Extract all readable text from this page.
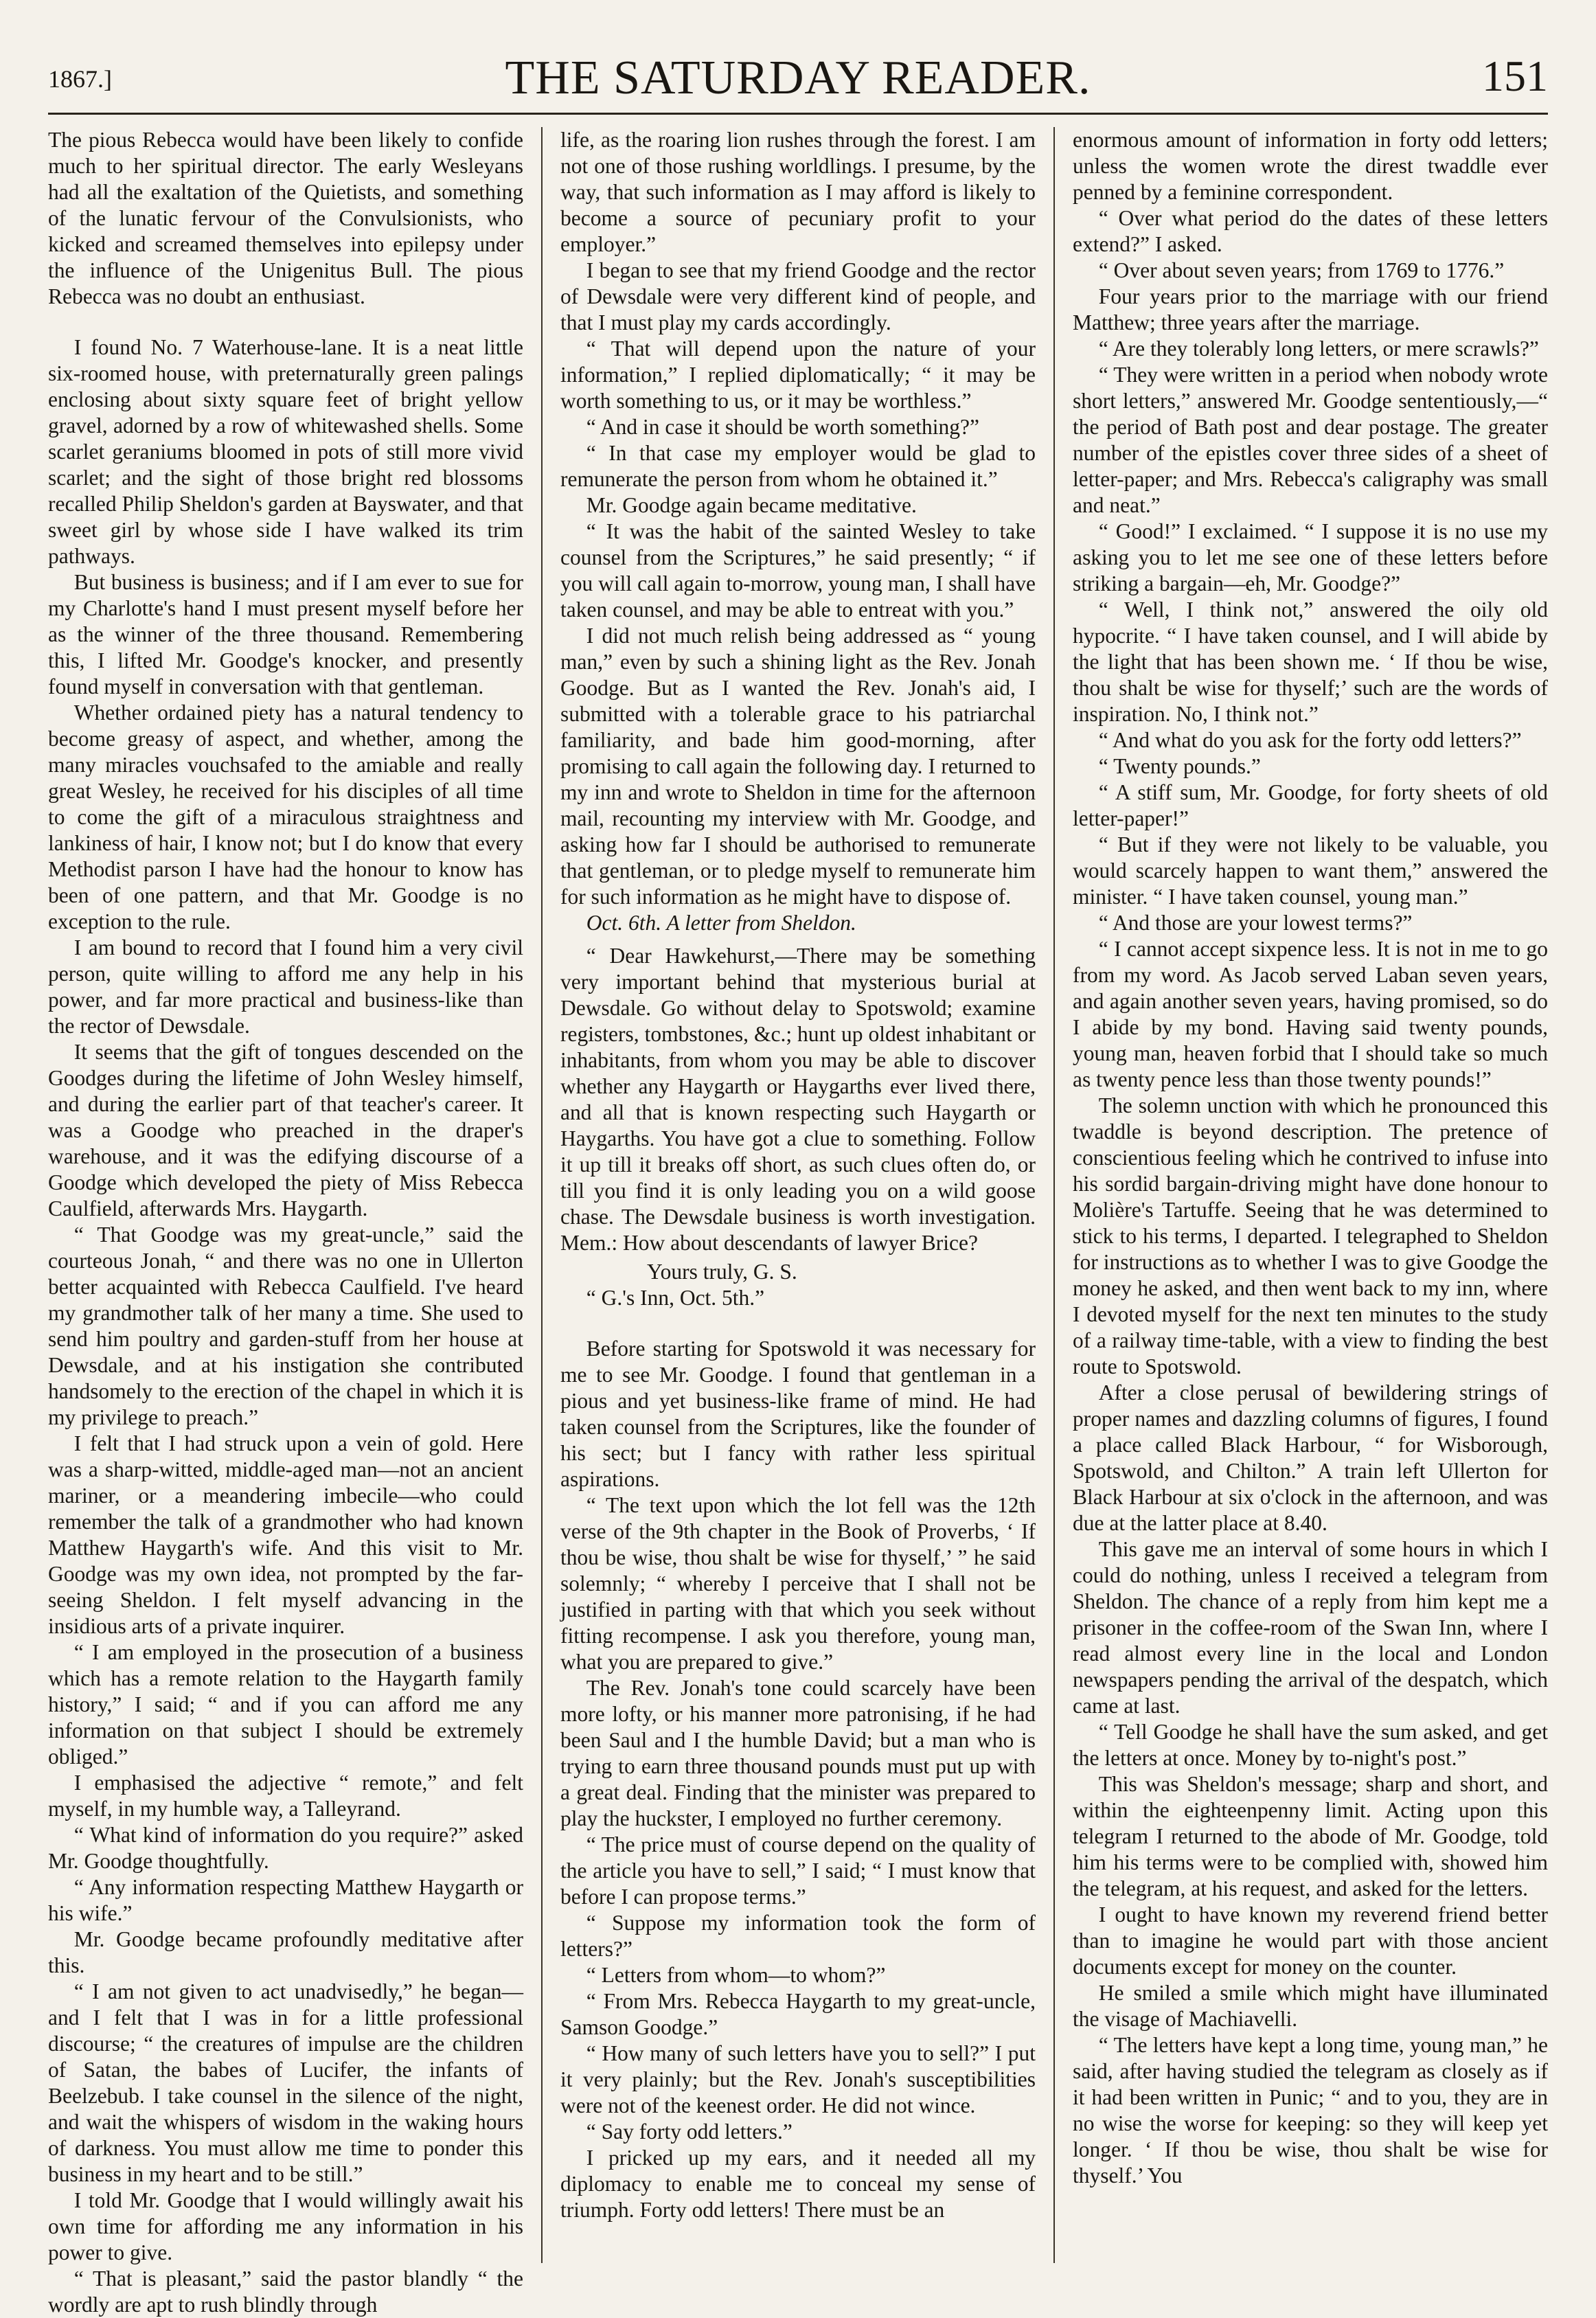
1867.]	THE SATURDAY READER.	151

The pious Rebecca would have been likely to confide much to her spiritual director. The early Wesleyans had all the exaltation of the Quietists, and something of the lunatic fervour of the Convulsionists, who kicked and screamed themselves into epilepsy under the influence of the Unigenitus Bull. The pious Rebecca was no doubt an enthusiast.

I found No. 7 Waterhouse-lane. It is a neat little six-roomed house, with preternaturally green palings enclosing about sixty square feet of bright yellow gravel, adorned by a row of whitewashed shells. Some scarlet geraniums bloomed in pots of still more vivid scarlet; and the sight of those bright red blossoms recalled Philip Sheldon's garden at Bayswater, and that sweet girl by whose side I have walked its trim pathways.

But business is business; and if I am ever to sue for my Charlotte's hand I must present myself before her as the winner of the three thousand. Remembering this, I lifted Mr. Goodge's knocker, and presently found myself in conversation with that gentleman.

Whether ordained piety has a natural tendency to become greasy of aspect, and whether, among the many miracles vouchsafed to the amiable and really great Wesley, he received for his disciples of all time to come the gift of a miraculous straightness and lankiness of hair, I know not; but I do know that every Methodist parson I have had the honour to know has been of one pattern, and that Mr. Goodge is no exception to the rule.

I am bound to record that I found him a very civil person, quite willing to afford me any help in his power, and far more practical and business-like than the rector of Dewsdale.

It seems that the gift of tongues descended on the Goodges during the lifetime of John Wesley himself, and during the earlier part of that teacher's career. It was a Goodge who preached in the draper's warehouse, and it was the edifying discourse of a Goodge which developed the piety of Miss Rebecca Caulfield, afterwards Mrs. Haygarth.

“ That Goodge was my great-uncle,” said the courteous Jonah, “ and there was no one in Ullerton better acquainted with Rebecca Caulfield. I've heard my grandmother talk of her many a time. She used to send him poultry and garden-stuff from her house at Dewsdale, and at his instigation she contributed handsomely to the erection of the chapel in which it is my privilege to preach.”

I felt that I had struck upon a vein of gold. Here was a sharp-witted, middle-aged man—not an ancient mariner, or a meandering imbecile—who could remember the talk of a grandmother who had known Matthew Haygarth's wife. And this visit to Mr. Goodge was my own idea, not prompted by the far-seeing Sheldon. I felt myself advancing in the insidious arts of a private inquirer.

“ I am employed in the prosecution of a business which has a remote relation to the Haygarth family history,” I said; “ and if you can afford me any information on that subject I should be extremely obliged.”

I emphasised the adjective “ remote,” and felt myself, in my humble way, a Talleyrand.

“ What kind of information do you require?” asked Mr. Goodge thoughtfully.

“ Any information respecting Matthew Haygarth or his wife.”

Mr. Goodge became profoundly meditative after this.

“ I am not given to act unadvisedly,” he began—and I felt that I was in for a little professional discourse; “ the creatures of impulse are the children of Satan, the babes of Lucifer, the infants of Beelzebub. I take counsel in the silence of the night, and wait the whispers of wisdom in the waking hours of darkness. You must allow me time to ponder this business in my heart and to be still.”

I told Mr. Goodge that I would willingly await his own time for affording me any information in his power to give.

“ That is pleasant,” said the pastor blandly “ the wordly are apt to rush blindly through

life, as the roaring lion rushes through the forest. I am not one of those rushing worldlings. I presume, by the way, that such information as I may afford is likely to become a source of pecuniary profit to your employer.”

I began to see that my friend Goodge and the rector of Dewsdale were very different kind of people, and that I must play my cards accordingly.

“ That will depend upon the nature of your information,” I replied diplomatically; “ it may be worth something to us, or it may be worthless.”

“ And in case it should be worth something?”

“ In that case my employer would be glad to remunerate the person from whom he obtained it.”

Mr. Goodge again became meditative.

“ It was the habit of the sainted Wesley to take counsel from the Scriptures,” he said presently; “ if you will call again to-morrow, young man, I shall have taken counsel, and may be able to entreat with you.”

I did not much relish being addressed as “ young man,” even by such a shining light as the Rev. Jonah Goodge. But as I wanted the Rev. Jonah's aid, I submitted with a tolerable grace to his patriarchal familiarity, and bade him good-morning, after promising to call again the following day. I returned to my inn and wrote to Sheldon in time for the afternoon mail, recounting my interview with Mr. Goodge, and asking how far I should be authorised to remunerate that gentleman, or to pledge myself to remunerate him for such information as he might have to dispose of.

Oct. 6th. A letter from Sheldon.

“ Dear Hawkehurst,—There may be something very important behind that mysterious burial at Dewsdale. Go without delay to Spotswold; examine registers, tombstones, &c.; hunt up oldest inhabitant or inhabitants, from whom you may be able to discover whether any Haygarth or Haygarths ever lived there, and all that is known respecting such Haygarth or Haygarths. You have got a clue to something. Follow it up till it breaks off short, as such clues often do, or till you find it is only leading you on a wild goose chase. The Dewsdale business is worth investigation. Mem.: How about descendants of lawyer Brice?

Yours truly, G. S.

“ G.'s Inn, Oct. 5th.”

Before starting for Spotswold it was necessary for me to see Mr. Goodge. I found that gentleman in a pious and yet business-like frame of mind. He had taken counsel from the Scriptures, like the founder of his sect; but I fancy with rather less spiritual aspirations.

“ The text upon which the lot fell was the 12th verse of the 9th chapter in the Book of Proverbs, ‘ If thou be wise, thou shalt be wise for thyself,’ ” he said solemnly; “ whereby I perceive that I shall not be justified in parting with that which you seek without fitting recompense. I ask you therefore, young man, what you are prepared to give.”

The Rev. Jonah's tone could scarcely have been more lofty, or his manner more patronising, if he had been Saul and I the humble David; but a man who is trying to earn three thousand pounds must put up with a great deal. Finding that the minister was prepared to play the huckster, I employed no further ceremony.

“ The price must of course depend on the quality of the article you have to sell,” I said; “ I must know that before I can propose terms.”

“ Suppose my information took the form of letters?”

“ Letters from whom—to whom?”

“ From Mrs. Rebecca Haygarth to my great-uncle, Samson Goodge.”

“ How many of such letters have you to sell?” I put it very plainly; but the Rev. Jonah's susceptibilities were not of the keenest order. He did not wince.

“ Say forty odd letters.”

I pricked up my ears, and it needed all my diplomacy to enable me to conceal my sense of triumph. Forty odd letters! There must be an

enormous amount of information in forty odd letters; unless the women wrote the direst twaddle ever penned by a feminine correspondent.

“ Over what period do the dates of these letters extend?” I asked.

“ Over about seven years; from 1769 to 1776.”

Four years prior to the marriage with our friend Matthew; three years after the marriage.

“ Are they tolerably long letters, or mere scrawls?”

“ They were written in a period when nobody wrote short letters,” answered Mr. Goodge sententiously,—“ the period of Bath post and dear postage. The greater number of the epistles cover three sides of a sheet of letter-paper; and Mrs. Rebecca's caligraphy was small and neat.”

“ Good!” I exclaimed. “ I suppose it is no use my asking you to let me see one of these letters before striking a bargain—eh, Mr. Goodge?”

“ Well, I think not,” answered the oily old hypocrite. “ I have taken counsel, and I will abide by the light that has been shown me. ‘ If thou be wise, thou shalt be wise for thyself;’ such are the words of inspiration. No, I think not.”

“ And what do you ask for the forty odd letters?”

“ Twenty pounds.”

“ A stiff sum, Mr. Goodge, for forty sheets of old letter-paper!”

“ But if they were not likely to be valuable, you would scarcely happen to want them,” answered the minister. “ I have taken counsel, young man.”

“ And those are your lowest terms?”

“ I cannot accept sixpence less. It is not in me to go from my word. As Jacob served Laban seven years, and again another seven years, having promised, so do I abide by my bond. Having said twenty pounds, young man, heaven forbid that I should take so much as twenty pence less than those twenty pounds!”

The solemn unction with which he pronounced this twaddle is beyond description. The pretence of conscientious feeling which he contrived to infuse into his sordid bargain-driving might have done honour to Molière's Tartuffe. Seeing that he was determined to stick to his terms, I departed. I telegraphed to Sheldon for instructions as to whether I was to give Goodge the money he asked, and then went back to my inn, where I devoted myself for the next ten minutes to the study of a railway time-table, with a view to finding the best route to Spotswold.

After a close perusal of bewildering strings of proper names and dazzling columns of figures, I found a place called Black Harbour, “ for Wisborough, Spotswold, and Chilton.” A train left Ullerton for Black Harbour at six o'clock in the afternoon, and was due at the latter place at 8.40.

This gave me an interval of some hours in which I could do nothing, unless I received a telegram from Sheldon. The chance of a reply from him kept me a prisoner in the coffee-room of the Swan Inn, where I read almost every line in the local and London newspapers pending the arrival of the despatch, which came at last.

“ Tell Goodge he shall have the sum asked, and get the letters at once. Money by to-night's post.”

This was Sheldon's message; sharp and short, and within the eighteenpenny limit. Acting upon this telegram I returned to the abode of Mr. Goodge, told him his terms were to be complied with, showed him the telegram, at his request, and asked for the letters.

I ought to have known my reverend friend better than to imagine he would part with those ancient documents except for money on the counter.

He smiled a smile which might have illuminated the visage of Machiavelli.

“ The letters have kept a long time, young man,” he said, after having studied the telegram as closely as if it had been written in Punic; “ and to you, they are in no wise the worse for keeping: so they will keep yet longer. ‘ If thou be wise, thou shalt be wise for thyself.’ You
